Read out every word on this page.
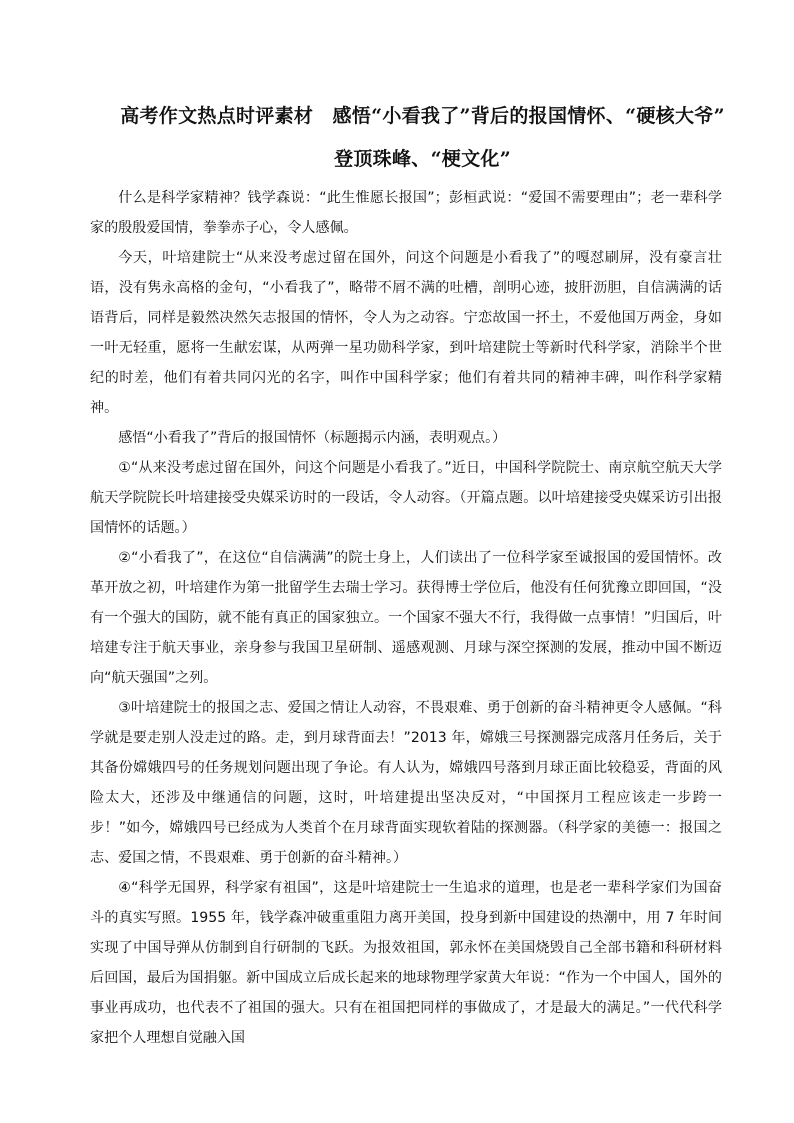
高考作文热点时评素材　感悟“小看我了”背后的报国情怀、“硬核大爷”
登顶珠峰、“梗文化”

什么是科学家精神？钱学森说：“此生惟愿长报国”；彭桓武说：“爱国不需要理由”；老一辈科学家的殷殷爱国情，拳拳赤子心，令人感佩。

今天，叶培建院士“从来没考虑过留在国外，问这个问题是小看我了”的嘎怼刷屏，没有豪言壮语，没有隽永高格的金句，“小看我了”，略带不屑不满的吐槽，剖明心迹，披肝沥胆，自信满满的话语背后，同样是毅然决然矢志报国的情怀，令人为之动容。宁恋故国一抔土，不爱他国万两金，身如一叶无轻重，愿将一生献宏谋，从两弹一星功勋科学家，到叶培建院士等新时代科学家，消除半个世纪的时差，他们有着共同闪光的名字，叫作中国科学家；他们有着共同的精神丰碑，叫作科学家精神。

感悟“小看我了”背后的报国情怀（标题揭示内涵，表明观点。）

①“从来没考虑过留在国外，问这个问题是小看我了。”近日，中国科学院院士、南京航空航天大学航天学院院长叶培建接受央媒采访时的一段话，令人动容。（开篇点题。以叶培建接受央媒采访引出报国情怀的话题。）

②“小看我了”，在这位“自信满满”的院士身上，人们读出了一位科学家至诚报国的爱国情怀。改革开放之初，叶培建作为第一批留学生去瑞士学习。获得博士学位后，他没有任何犹豫立即回国，“没有一个强大的国防，就不能有真正的国家独立。一个国家不强大不行，我得做一点事情！”归国后，叶培建专注于航天事业，亲身参与我国卫星研制、遥感观测、月球与深空探测的发展，推动中国不断迈向“航天强国”之列。

③叶培建院士的报国之志、爱国之情让人动容，不畏艰难、勇于创新的奋斗精神更令人感佩。“科学就是要走别人没走过的路。走，到月球背面去！”2013 年，嫦娥三号探测器完成落月任务后，关于其备份嫦娥四号的任务规划问题出现了争论。有人认为，嫦娥四号落到月球正面比较稳妥，背面的风险太大，还涉及中继通信的问题，这时，叶培建提出坚决反对，“中国探月工程应该走一步跨一步！”如今，嫦娥四号已经成为人类首个在月球背面实现软着陆的探测器。（科学家的美德一：报国之志、爱国之情，不畏艰难、勇于创新的奋斗精神。）

④“科学无国界，科学家有祖国”，这是叶培建院士一生追求的道理，也是老一辈科学家们为国奋斗的真实写照。1955 年，钱学森冲破重重阻力离开美国，投身到新中国建设的热潮中，用 7 年时间实现了中国导弹从仿制到自行研制的飞跃。为报效祖国，郭永怀在美国烧毁自己全部书籍和科研材料后回国，最后为国捐躯。新中国成立后成长起来的地球物理学家黄大年说：“作为一个中国人，国外的事业再成功，也代表不了祖国的强大。只有在祖国把同样的事做成了，才是最大的满足。”一代代科学家把个人理想自觉融入国
